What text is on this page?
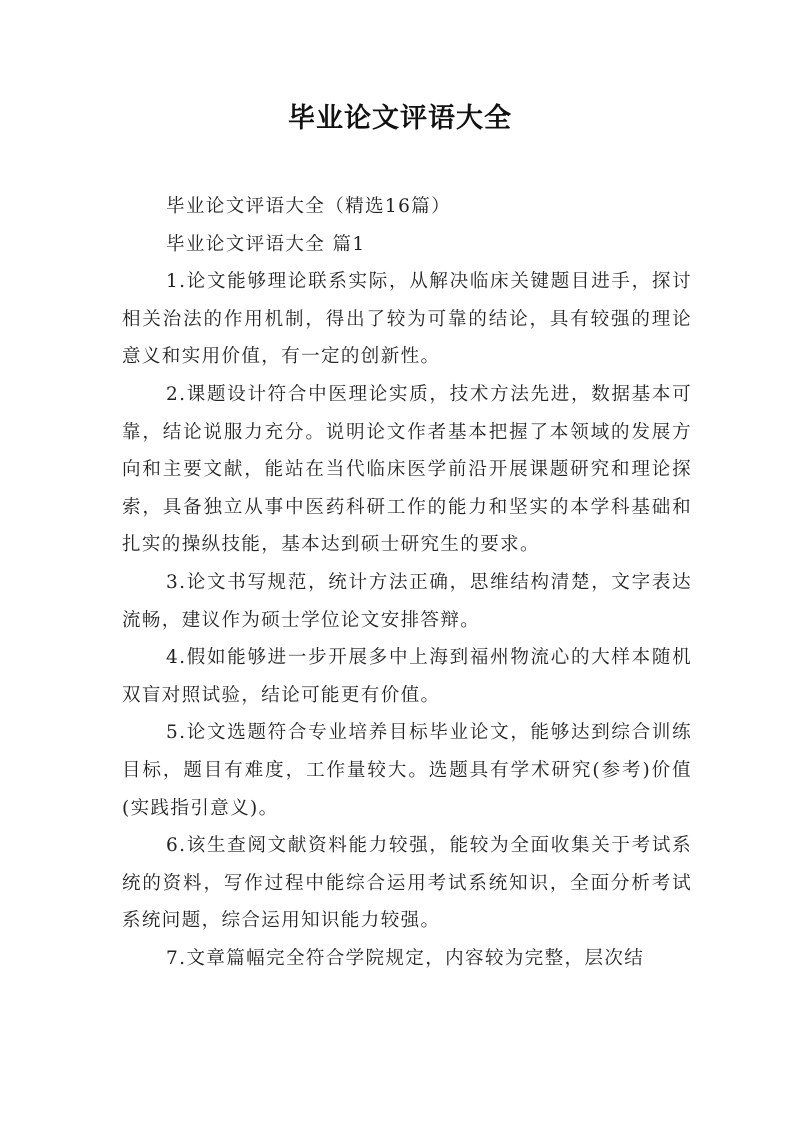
毕业论文评语大全

毕业论文评语大全（精选16篇）

毕业论文评语大全 篇1

1.论文能够理论联系实际，从解决临床关键题目进手，探讨相关治法的作用机制，得出了较为可靠的结论，具有较强的理论意义和实用价值，有一定的创新性。

2.课题设计符合中医理论实质，技术方法先进，数据基本可靠，结论说服力充分。说明论文作者基本把握了本领域的发展方向和主要文献，能站在当代临床医学前沿开展课题研究和理论探索，具备独立从事中医药科研工作的能力和坚实的本学科基础和扎实的操纵技能，基本达到硕士研究生的要求。

3.论文书写规范，统计方法正确，思维结构清楚，文字表达流畅，建议作为硕士学位论文安排答辩。

4.假如能够进一步开展多中上海到福州物流心的大样本随机双盲对照试验，结论可能更有价值。

5.论文选题符合专业培养目标毕业论文，能够达到综合训练目标，题目有难度，工作量较大。选题具有学术研究(参考)价值(实践指引意义)。

6.该生查阅文献资料能力较强，能较为全面收集关于考试系统的资料，写作过程中能综合运用考试系统知识，全面分析考试系统问题，综合运用知识能力较强。

7.文章篇幅完全符合学院规定，内容较为完整，层次结
